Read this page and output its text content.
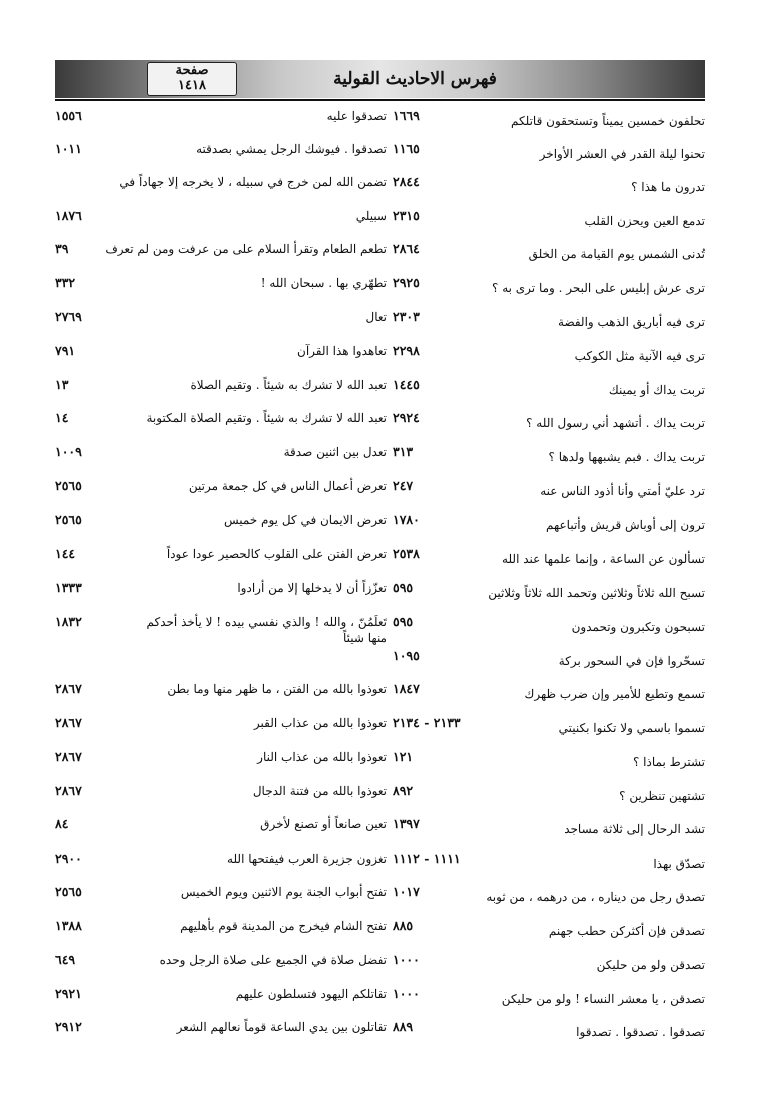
صفحة
١٤١٨	فهرس الاحاديث القولية
تحلفون خمسين يميناً وتستحقون قاتلكم
١٦٦٩
تصدقوا عليه
١٥٥٦
تحنوا ليلة القدر في العشر الأواخر
١١٦٥
تصدقوا . فيوشك الرجل يمشي بصدقته
١٠١١
تدرون ما هذا ؟
٢٨٤٤
تضمن الله لمن خرج في سبيله ، لا يخرجه إلا جهاداً في
تدمع العين ويحزن القلب
٢٣١٥
سبيلي
١٨٧٦
تُدنى الشمس يوم القيامة من الخلق
٢٨٦٤
تطعم الطعام وتقرأ السلام على من عرفت ومن لم تعرف
٣٩
ترى عرش إبليس على البحر . وما ترى به ؟
٢٩٢٥
تطهّري بها . سبحان الله !
٣٣٢
ترى فيه أباريق الذهب والفضة
٢٣٠٣
تعال
٢٧٦٩
ترى فيه الآنية مثل الكوكب
٢٢٩٨
تعاهدوا هذا القرآن
٧٩١
تربت يداك أو يمينك
١٤٤٥
تعبد الله لا تشرك به شيئاً . وتقيم الصلاة
١٣
تربت يداك . أتشهد أني رسول الله ؟
٢٩٢٤
تعبد الله لا تشرك به شيئاً . وتقيم الصلاة المكتوبة
١٤
تربت يداك . فبم يشبهها ولدها ؟
٣١٣
تعدل بين اثنين صدقة
١٠٠٩
ترد عليّ أمتي وأنا أذود الناس عنه
٢٤٧
تعرض أعمال الناس في كل جمعة مرتين
٢٥٦٥
ترون إلى أوباش قريش وأتباعهم
١٧٨٠
تعرض الايمان في كل يوم خميس
٢٥٦٥
تسألون عن الساعة ، وإنما علمها عند الله
٢٥٣٨
تعرض الفتن على القلوب كالحصير عودا عوداً
١٤٤
تسبح الله ثلاثاً وثلاثين وتحمد الله ثلاثاً وثلاثين
٥٩٥
تعزّزاً أن لا يدخلها إلا من أرادوا
١٣٣٣
تسبحون وتكبرون وتحمدون
٥٩٥
تَعلَمُنّ ، والله ! والذي نفسي بيده ! لا يأخذ أحدكم
منها شيئاً
١٨٣٢
تسحّروا فإن في السحور بركة
١٠٩٥
تسمع وتطيع للأمير وإن ضرب ظهرك
١٨٤٧
تعوذوا بالله من الفتن ، ما ظهر منها وما بطن
٢٨٦٧
تسموا باسمي ولا تكنوا بكنيتي
٢١٣٣ - ٢١٣٤
تعوذوا بالله من عذاب القبر
٢٨٦٧
تشترط بماذا ؟
١٢١
تعوذوا بالله من عذاب النار
٢٨٦٧
تشتهين تنظرين ؟
٨٩٢
تعوذوا بالله من فتنة الدجال
٢٨٦٧
تشد الرحال إلى ثلاثة مساجد
١٣٩٧
تعين صانعاً أو تصنع لأخرق
٨٤
تصدّق بهذا
١١١١ - ١١١٢
تغزون جزيرة العرب فيفتحها الله
٢٩٠٠
تصدق رجل من ديناره ، من درهمه ، من ثوبه
١٠١٧
تفتح أبواب الجنة يوم الاثنين ويوم الخميس
٢٥٦٥
تصدقن فإن أكثركن حطب جهنم
٨٨٥
تفتح الشام فيخرج من المدينة قوم بأهليهم
١٣٨٨
تصدقن ولو من حليكن
١٠٠٠
تفضل صلاة في الجميع على صلاة الرجل وحده
٦٤٩
تصدقن ، يا معشر النساء ! ولو من حليكن
١٠٠٠
تقاتلكم اليهود فتسلطون عليهم
٢٩٢١
تصدقوا . تصدقوا . تصدقوا
٨٨٩
تقاتلون بين يدي الساعة قوماً نعالهم الشعر
٢٩١٢
